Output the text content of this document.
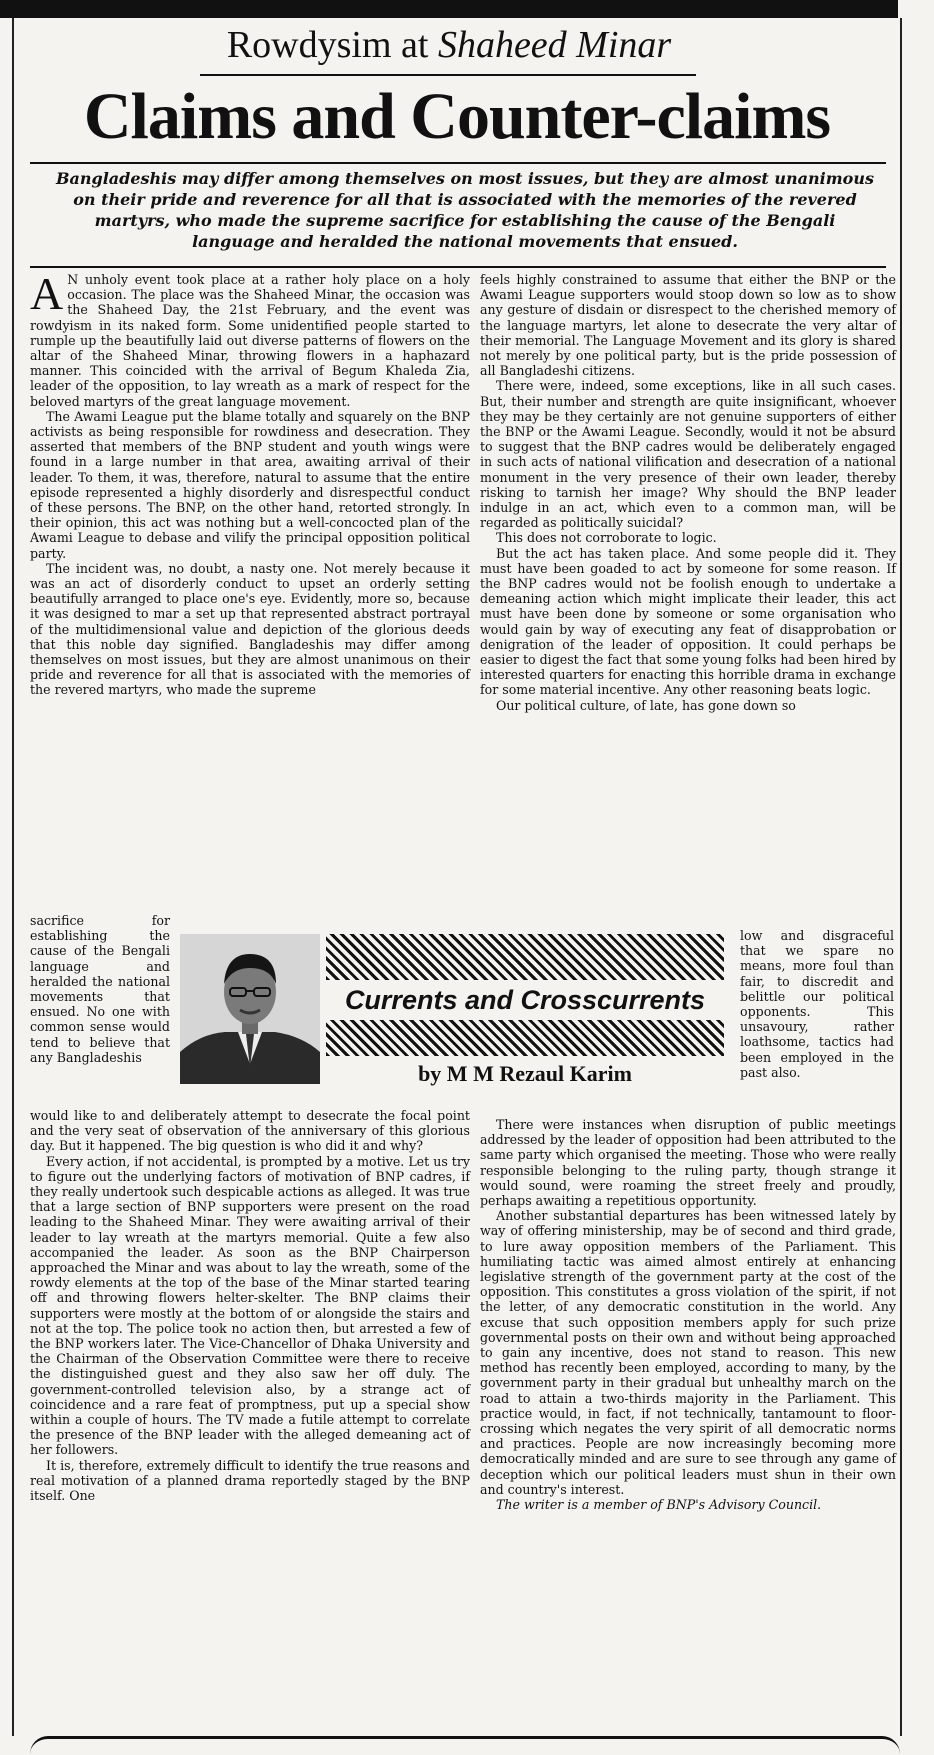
Rowdysim at Shaheed Minar
Claims and Counter-claims
Bangladeshis may differ among themselves on most issues, but they are almost unanimous on their pride and reverence for all that is associated with the memories of the revered martyrs, who made the supreme sacrifice for establishing the cause of the Bengali language and heralded the national movements that ensued.

A N unholy event took place at a rather holy place on a holy occasion. The place was the Shaheed Minar, the occasion was the Shaheed Day, the 21st February, and the event was rowdyism in its naked form. Some unidentified people started to rumple up the beautifully laid out diverse patterns of flowers on the altar of the Shaheed Minar, throwing flowers in a haphazard manner. This coincided with the arrival of Begum Khaleda Zia, leader of the opposition, to lay wreath as a mark of respect for the beloved martyrs of the great language movement.

The Awami League put the blame totally and squarely on the BNP activists as being responsible for rowdiness and desecration. They asserted that members of the BNP student and youth wings were found in a large number in that area, awaiting arrival of their leader. To them, it was, therefore, natural to assume that the entire episode represented a highly disorderly and disrespectful conduct of these persons. The BNP, on the other hand, retorted strongly. In their opinion, this act was nothing but a well-concocted plan of the Awami League to debase and vilify the principal opposition political party.

The incident was, no doubt, a nasty one. Not merely because it was an act of disorderly conduct to upset an orderly setting beautifully arranged to place one's eye. Evidently, more so, because it was designed to mar a set up that represented abstract portrayal of the multidimensional value and depiction of the glorious deeds that this noble day signified. Bangladeshis may differ among themselves on most issues, but they are almost unanimous on their pride and reverence for all that is associated with the memories of the revered martyrs, who made the supreme

sacrifice for establishing the cause of the Bengali language and heralded the national movements that ensued. No one with common sense would tend to believe that any Bangladeshis

Currents and Crosscurrents
by M M Rezaul Karim

would like to and deliberately attempt to desecrate the focal point and the very seat of observation of the anniversary of this glorious day. But it happened. The big question is who did it and why?

Every action, if not accidental, is prompted by a motive. Let us try to figure out the underlying factors of motivation of BNP cadres, if they really undertook such despicable actions as alleged. It was true that a large section of BNP supporters were present on the road leading to the Shaheed Minar. They were awaiting arrival of their leader to lay wreath at the martyrs memorial. Quite a few also accompanied the leader. As soon as the BNP Chairperson approached the Minar and was about to lay the wreath, some of the rowdy elements at the top of the base of the Minar started tearing off and throwing flowers helter-skelter. The BNP claims their supporters were mostly at the bottom of or alongside the stairs and not at the top. The police took no action then, but arrested a few of the BNP workers later. The Vice-Chancellor of Dhaka University and the Chairman of the Observation Committee were there to receive the distinguished guest and they also saw her off duly. The government-controlled television also, by a strange act of coincidence and a rare feat of promptness, put up a special show within a couple of hours. The TV made a futile attempt to correlate the presence of the BNP leader with the alleged demeaning act of her followers.

It is, therefore, extremely difficult to identify the true reasons and real motivation of a planned drama reportedly staged by the BNP itself. One

feels highly constrained to assume that either the BNP or the Awami League supporters would stoop down so low as to show any gesture of disdain or disrespect to the cherished memory of the language martyrs, let alone to desecrate the very altar of their memorial. The Language Movement and its glory is shared not merely by one political party, but is the pride possession of all Bangladeshi citizens.

There were, indeed, some exceptions, like in all such cases. But, their number and strength are quite insignificant, whoever they may be they certainly are not genuine supporters of either the BNP or the Awami League. Secondly, would it not be absurd to suggest that the BNP cadres would be deliberately engaged in such acts of national vilification and desecration of a national monument in the very presence of their own leader, thereby risking to tarnish her image? Why should the BNP leader indulge in an act, which even to a common man, will be regarded as politically suicidal?

This does not corroborate to logic.

But the act has taken place. And some people did it. They must have been goaded to act by someone for some reason. If the BNP cadres would not be foolish enough to undertake a demeaning action which might implicate their leader, this act must have been done by someone or some organisation who would gain by way of executing any feat of disapprobation or denigration of the leader of opposition. It could perhaps be easier to digest the fact that some young folks had been hired by interested quarters for enacting this horrible drama in exchange for some material incentive. Any other reasoning beats logic.

Our political culture, of late, has gone down so

low and disgraceful that we spare no means, more foul than fair, to discredit and belittle our political opponents. This unsavoury, rather loathsome, tactics had been employed in the past also.

There were instances when disruption of public meetings addressed by the leader of opposition had been attributed to the same party which organised the meeting. Those who were really responsible belonging to the ruling party, though strange it would sound, were roaming the street freely and proudly, perhaps awaiting a repetitious opportunity.

Another substantial departures has been witnessed lately by way of offering ministership, may be of second and third grade, to lure away opposition members of the Parliament. This humiliating tactic was aimed almost entirely at enhancing legislative strength of the government party at the cost of the opposition. This constitutes a gross violation of the spirit, if not the letter, of any democratic constitution in the world. Any excuse that such opposition members apply for such prize governmental posts on their own and without being approached to gain any incentive, does not stand to reason. This new method has recently been employed, according to many, by the government party in their gradual but unhealthy march on the road to attain a two-thirds majority in the Parliament. This practice would, in fact, if not technically, tantamount to floor-crossing which negates the very spirit of all democratic norms and practices. People are now increasingly becoming more democratically minded and are sure to see through any game of deception which our political leaders must shun in their own and country's interest.

The writer is a member of BNP's Advisory Council.
